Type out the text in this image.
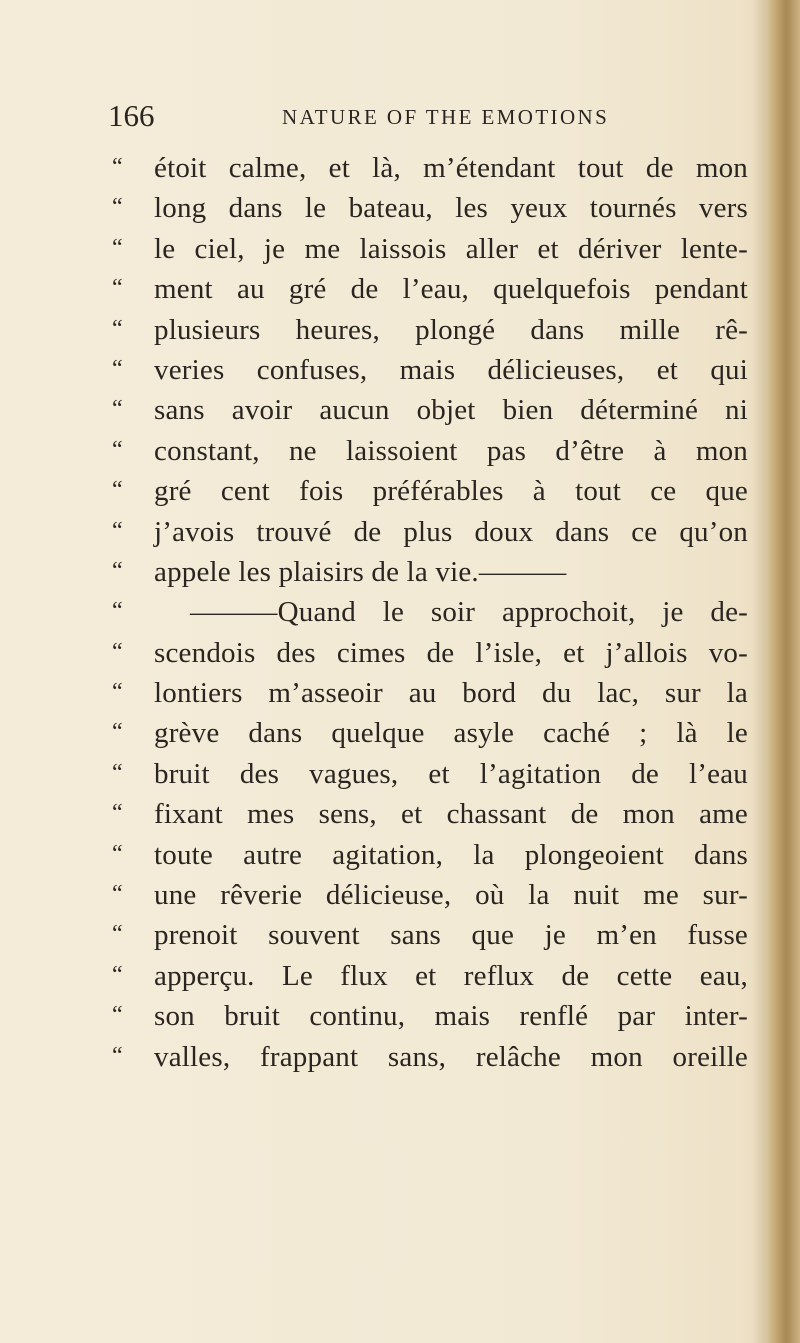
166	NATURE OF THE EMOTIONS
“	étoit calme, et là, m’étendant tout de mon
“	long dans le bateau, les yeux tournés vers
“	le ciel, je me laissois aller et dériver lente-
“	ment au gré de l’eau, quelquefois pendant
“	plusieurs heures, plongé dans mille rê-
“	veries confuses, mais délicieuses, et qui
“	sans avoir aucun objet bien déterminé ni
“	constant, ne laissoient pas d’être à mon
“	gré cent fois préférables à tout ce que
“	j’avois trouvé de plus doux dans ce qu’on
“	appele les plaisirs de la vie.———
“	———Quand le soir approchoit, je de-
“	scendois des cimes de l’isle, et j’allois vo-
“	lontiers m’asseoir au bord du lac, sur la
“	grève dans quelque asyle caché ; là le
“	bruit des vagues, et l’agitation de l’eau
“	fixant mes sens, et chassant de mon ame
“	toute autre agitation, la plongeoient dans
“	une rêverie délicieuse, où la nuit me sur-
“	prenoit souvent sans que je m’en fusse
“	apperçu. Le flux et reflux de cette eau,
“	son bruit continu, mais renflé par inter-
“	valles, frappant sans, relâche mon oreille
